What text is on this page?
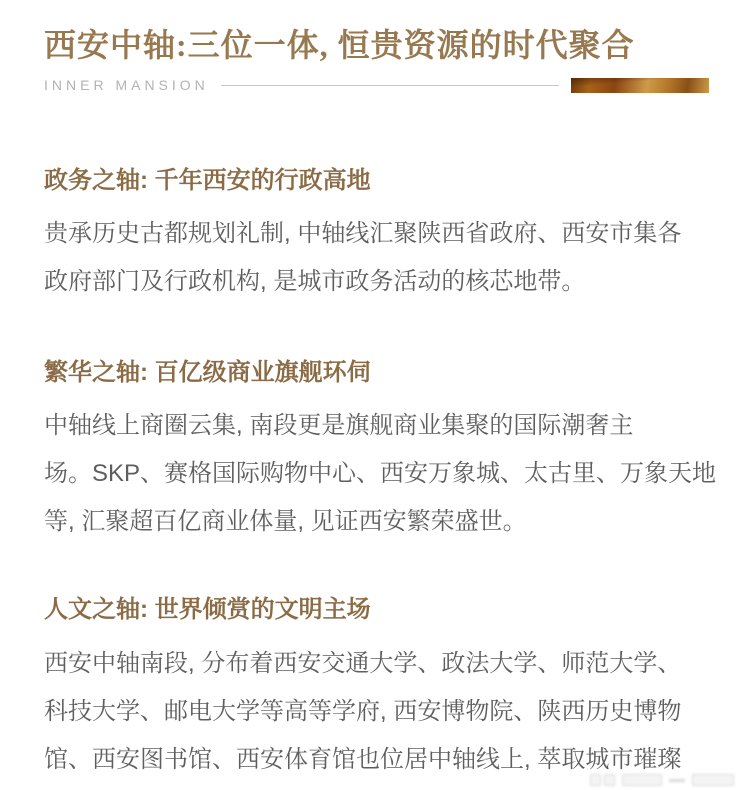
西安中轴:三位一体, 恒贵资源的时代聚合
INNER MANSION
政务之轴: 千年西安的行政高地
贵承历史古都规划礼制, 中轴线汇聚陕西省政府、西安市集各
政府部门及行政机构, 是城市政务活动的核芯地带。
繁华之轴: 百亿级商业旗舰环伺
中轴线上商圈云集, 南段更是旗舰商业集聚的国际潮奢主
场。SKP、赛格国际购物中心、西安万象城、太古里、万象天地
等, 汇聚超百亿商业体量, 见证西安繁荣盛世。
人文之轴: 世界倾赏的文明主场
西安中轴南段, 分布着西安交通大学、政法大学、师范大学、
科技大学、邮电大学等高等学府, 西安博物院、陕西历史博物
馆、西安图书馆、西安体育馆也位居中轴线上, 萃取城市璀璨
